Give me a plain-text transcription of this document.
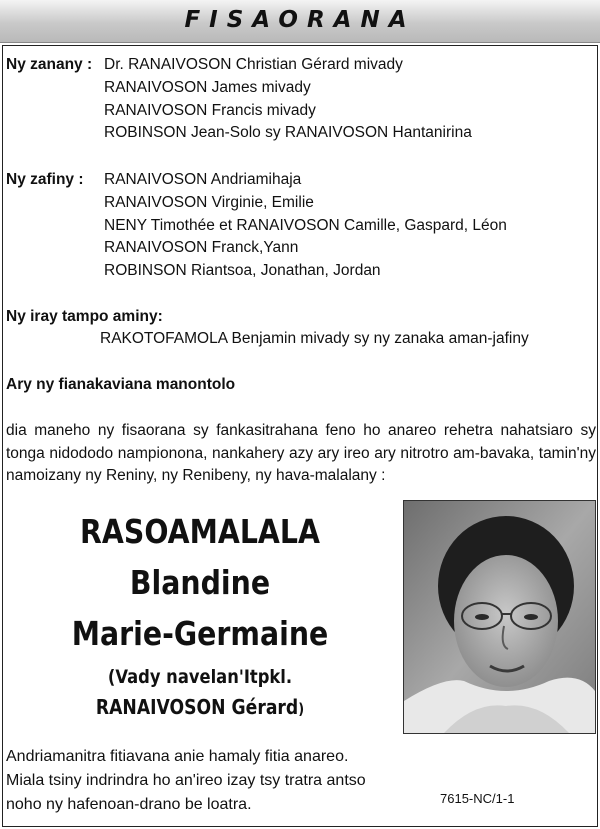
FISAORANA
Ny zanany : Dr. RANAIVOSON Christian Gérard mivady
RANAIVOSON James mivady
RANAIVOSON Francis mivady
ROBINSON Jean-Solo sy RANAIVOSON Hantanirina
Ny zafiny : RANAIVOSON Andriamihaja
RANAIVOSON Virginie, Emilie
NENY Timothée et RANAIVOSON Camille, Gaspard, Léon
RANAIVOSON Franck,Yann
ROBINSON Riantsoa, Jonathan, Jordan
Ny iray tampo aminy:
RAKOTOFAMOLA Benjamin mivady sy ny zanaka aman-jafiny
Ary ny fianakaviana manontolo
dia maneho ny fisaorana sy fankasitrahana feno ho anareo rehetra nahatsiaro sy tonga nidododo nampionona, nankahery azy ary ireo ary nitrotro am-bavaka, tamin'ny namoizany ny Reniny, ny Renibeny, ny hava-malalany :
RASOAMALALA
Blandine
Marie-Germaine
(Vady navelan'Itpkl.
RANAIVOSON Gérard)
Andriamanitra fitiavana anie hamaly fitia anareo.
Miala tsiny indrindra ho an'ireo izay tsy tratra antso
noho ny hafenoan-drano be loatra.	7615-NC/1-1
